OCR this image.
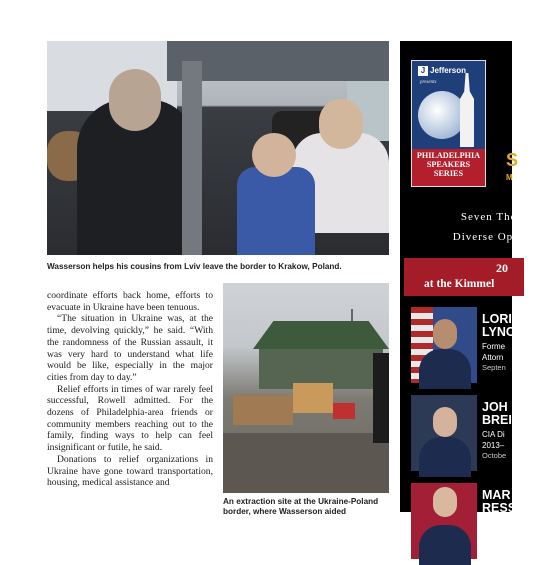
Wasserson helps his cousins from Lviv leave the border to Krakow, Poland.

coordinate efforts back home, efforts to evacuate in Ukraine have been tenuous.

“The situation in Ukraine was, at the time, devolving quickly,” he said. “With the randomness of the Russian assault, it was very hard to understand what life would be like, especially in the major cities from day to day.”

Relief efforts in times of war rarely feel successful, Rowell admitted. For the dozens of Philadelphia-area friends or community members reaching out to the family, finding ways to help can feel insignificant or futile, he said.

Donations to relief organizations in Ukraine have gone toward transportation, housing, medical assistance and

An extraction site at the Ukraine-Poland border, where Wasserson aided
J Jefferson
presents
PHILADELPHIA
SPEAKERS
SERIES
S
M
Seven Tho
Diverse Opi
20
at the Kimmel
LORI
LYNC
Forme
Attorn
Septen
JOH
BREI
CIA Di
2013–
Octobe
MAR
RESS
